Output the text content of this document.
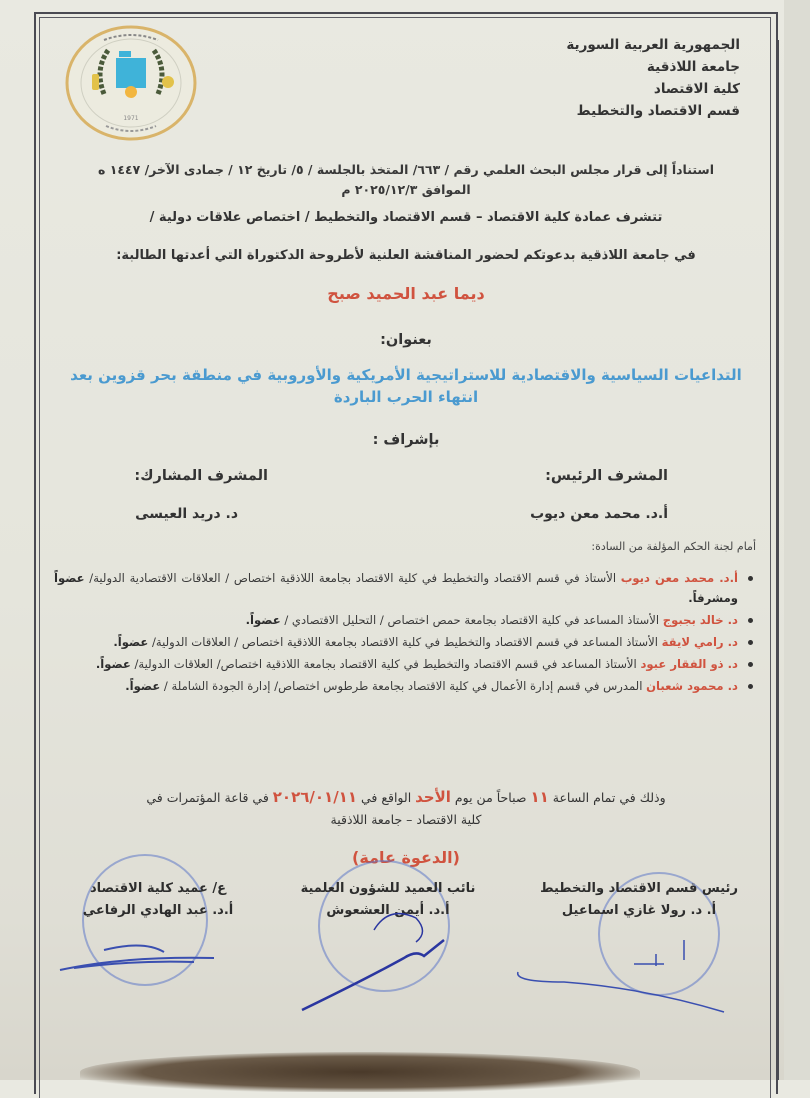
1971
الجمهورية العربية السورية
جامعة اللاذقية
كلية الاقتصاد
قسم الاقتصاد والتخطيط
استناداً إلى قرار مجلس البحث العلمي رقم / ٦٦٣/ المتخذ بالجلسة / ٥/ تاريخ ١٢ / جمادى الآخر/ ١٤٤٧ ه
الموافق ٢٠٢٥/١٢/٣ م
تتشرف عمادة كلية الاقتصاد – قسم الاقتصاد والتخطيط / اختصاص علاقات دولية /
في جامعة اللاذقية بدعوتكم لحضور المناقشة العلنية لأطروحة الدكتوراة التي أعدتها الطالبة:
ديما عبد الحميد صبح
بعنوان:
التداعيات السياسية والاقتصادية للاستراتيجية الأمريكية والأوروبية في منطقة بحر قزوين بعد انتهاء الحرب الباردة
بإشراف :
المشرف الرئيس:
المشرف المشارك:
أ.د. محمد معن ديوب
د. دريد العيسى
أمام لجنة الحكم المؤلفة من السادة:
أ.د. محمد معن ديوب الأستاذ في قسم الاقتصاد والتخطيط في كلية الاقتصاد بجامعة اللاذقية اختصاص / العلاقات الاقتصادية الدولية/ عضواً ومشرفاً.
د. خالد بجبوج الأستاذ المساعد في كلية الاقتصاد بجامعة حمص اختصاص / التحليل الاقتصادي / عضواً.
د. رامي لايقة الأستاذ المساعد في قسم الاقتصاد والتخطيط في كلية الاقتصاد بجامعة اللاذقية اختصاص / العلاقات الدولية/ عضواً.
د. ذو الفقار عبود الأستاذ المساعد في قسم الاقتصاد والتخطيط في كلية الاقتصاد بجامعة اللاذقية اختصاص/ العلاقات الدولية/ عضواً.
د. محمود شعبان المدرس في قسم إدارة الأعمال في كلية الاقتصاد بجامعة طرطوس اختصاص/ إدارة الجودة الشاملة / عضواً.
وذلك في تمام الساعة ١١ صباحاً من يوم الأحد الواقع في ٢٠٢٦/٠١/١١ في قاعة المؤتمرات في
كلية الاقتصاد – جامعة اللاذقية
(الدعوة عامة)
رئيس قسم الاقتصاد والتخطيط
أ. د. رولا غازي اسماعيل
نائب العميد للشؤون العلمية
أ.د. أيمن العشعوش
ع/ عميد كلية الاقتصاد
أ.د. عبد الهادي الرفاعي
